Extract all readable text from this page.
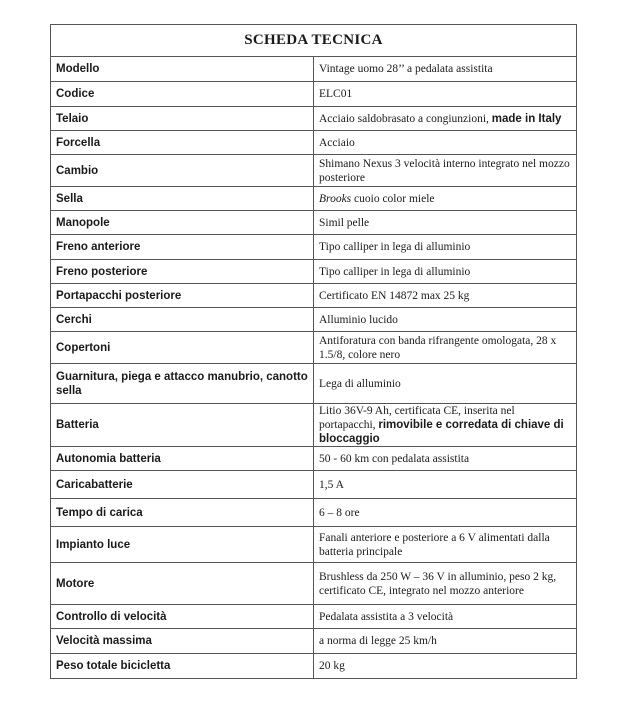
SCHEDA TECNICA	
Modello	Vintage uomo 28’’ a pedalata assistita
Codice	ELC01
Telaio	Acciaio saldobrasato a congiunzioni, made in Italy
Forcella	Acciaio
Cambio	Shimano Nexus 3 velocità interno integrato nel mozzo posteriore
Sella	Brooks cuoio color miele
Manopole	Simil pelle
Freno anteriore	Tipo calliper in lega di alluminio
Freno posteriore	Tipo calliper in lega di alluminio
Portapacchi posteriore	Certificato EN 14872 max 25 kg
Cerchi	Alluminio lucido
Copertoni	Antiforatura con banda rifrangente omologata, 28 x 1.5/8, colore nero
Guarnitura, piega e attacco manubrio, canotto sella	Lega di alluminio
Batteria	Litio 36V-9 Ah, certificata CE, inserita nel portapacchi, rimovibile e corredata di chiave di bloccaggio
Autonomia batteria	50 - 60 km con pedalata assistita
Caricabatterie	1,5 A
Tempo di carica	6 – 8 ore
Impianto luce	Fanali anteriore e posteriore a 6 V alimentati dalla batteria principale
Motore	Brushless da 250 W – 36 V in alluminio, peso 2 kg, certificato CE, integrato nel mozzo anteriore
Controllo di velocità	Pedalata assistita a 3 velocità
Velocità massima	a norma di legge 25 km/h
Peso totale bicicletta	20 kg
